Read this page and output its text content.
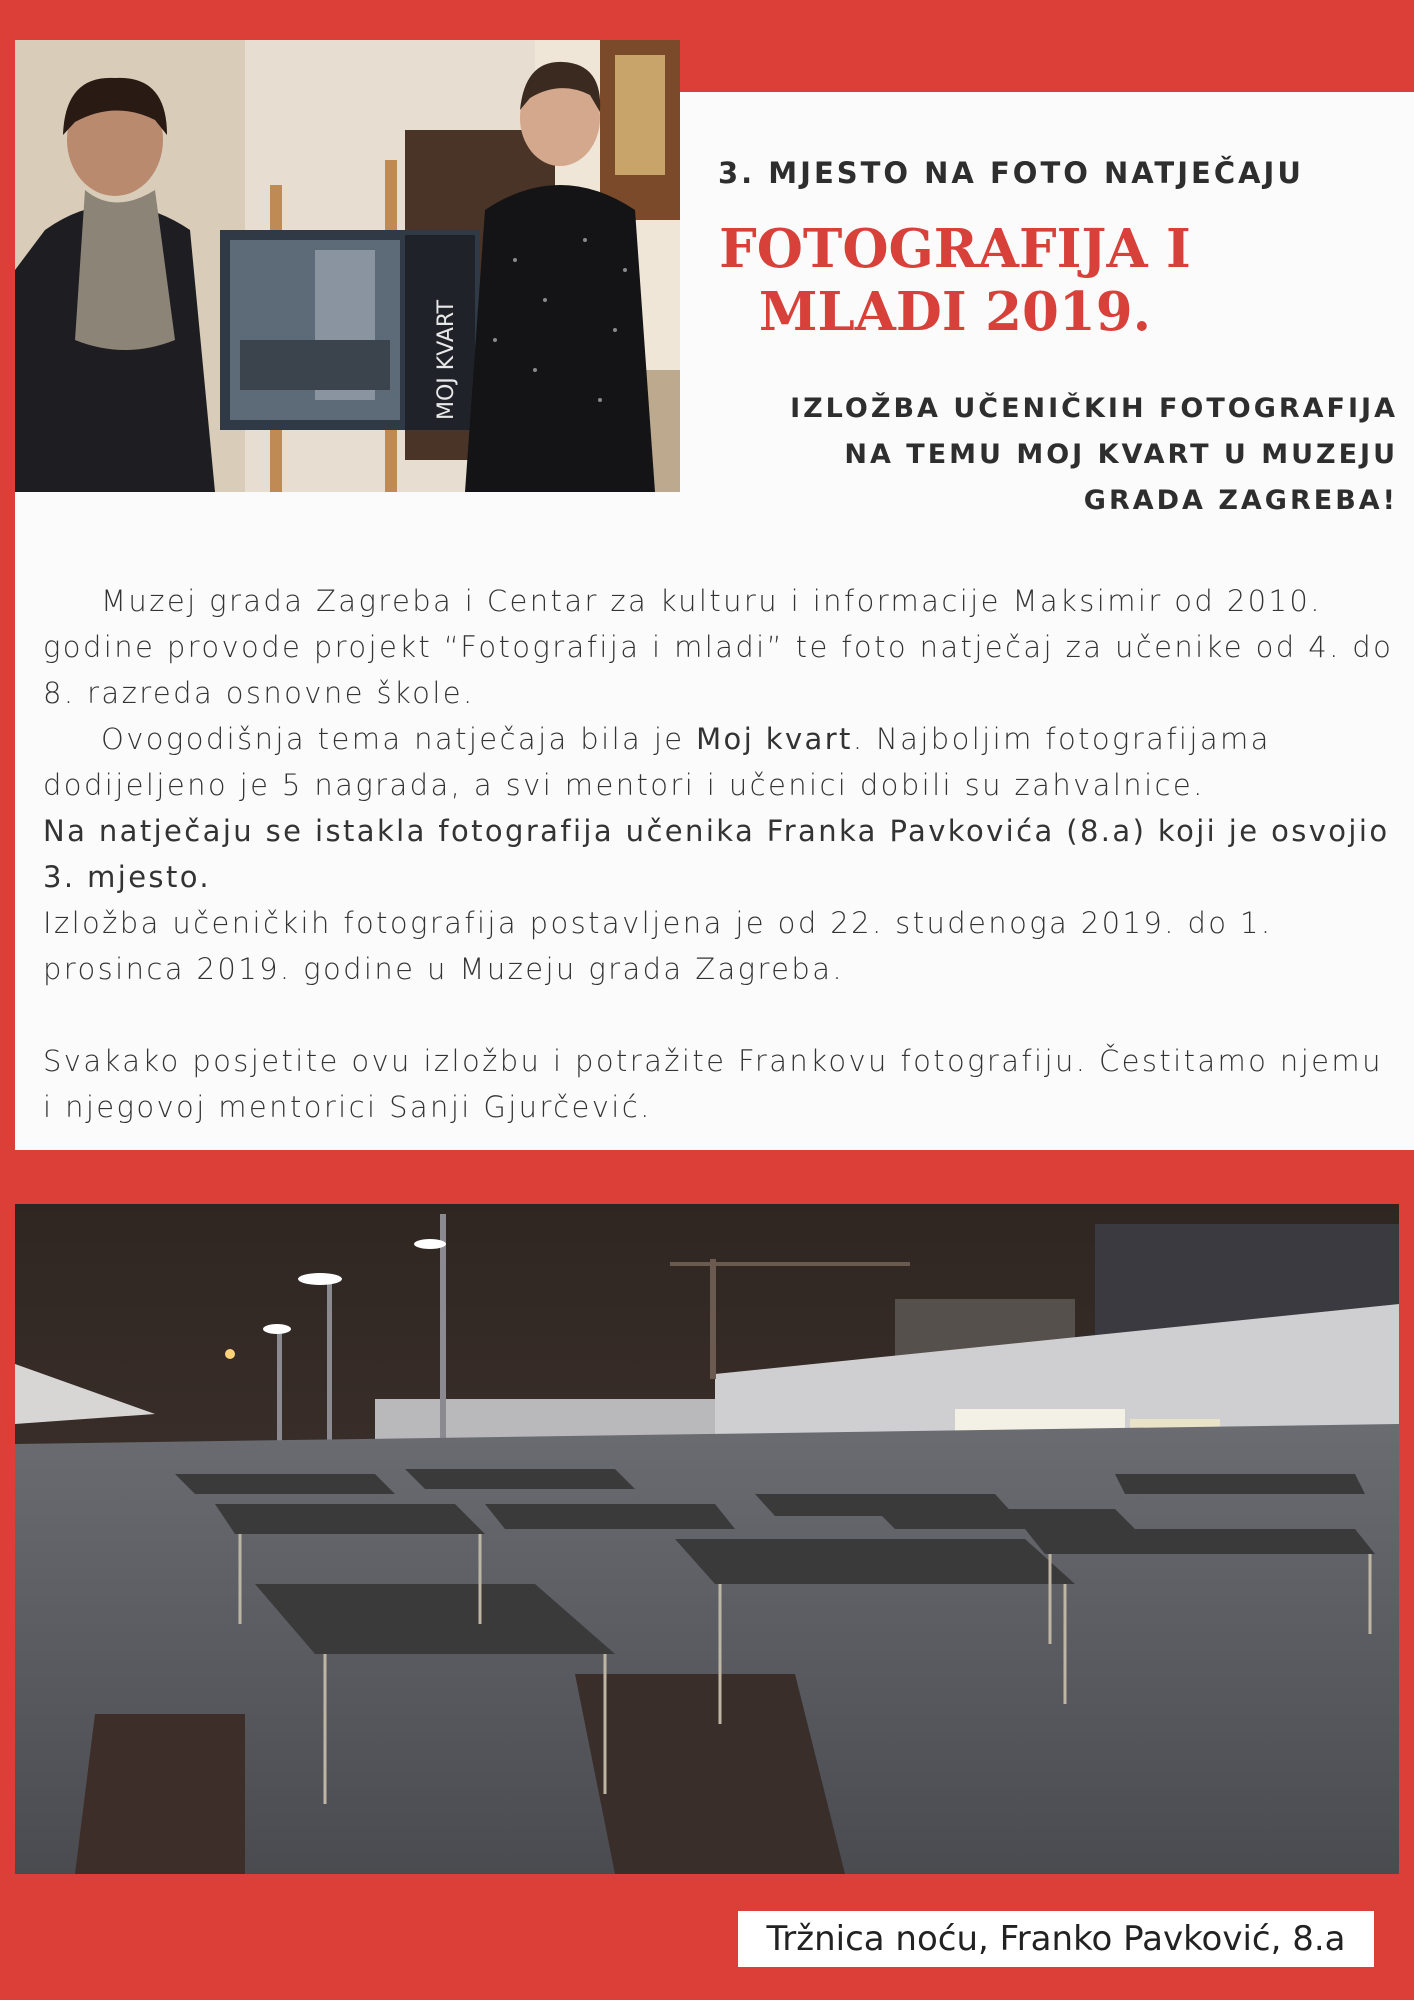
MOJ KVART
3. MJESTO NA FOTO NATJEČAJU
FOTOGRAFIJA I
MLADI 2019.
IZLOŽBA UČENIČKIH FOTOGRAFIJA
NA TEMU MOJ KVART U MUZEJU
GRADA ZAGREBA!

Muzej grada Zagreba i Centar za kulturu i informacije Maksimir od 2010. godine provode projekt “Fotografija i mladi” te foto natječaj za učenike od 4. do 8. razreda osnovne škole.

Ovogodišnja tema natječaja bila je Moj kvart. Najboljim fotografijama dodijeljeno je 5 nagrada, a svi mentori i učenici dobili su zahvalnice.

Na natječaju se istakla fotografija učenika Franka Pavkovića (8.a) koji je osvojio 3. mjesto.

Izložba učeničkih fotografija postavljena je od 22. studenoga 2019. do 1. prosinca 2019. godine u Muzeju grada Zagreba.

Svakako posjetite ovu izložbu i potražite Frankovu fotografiju. Čestitamo njemu i njegovoj mentorici Sanji Gjurčević.

Tržnica noću, Franko Pavković, 8.a
